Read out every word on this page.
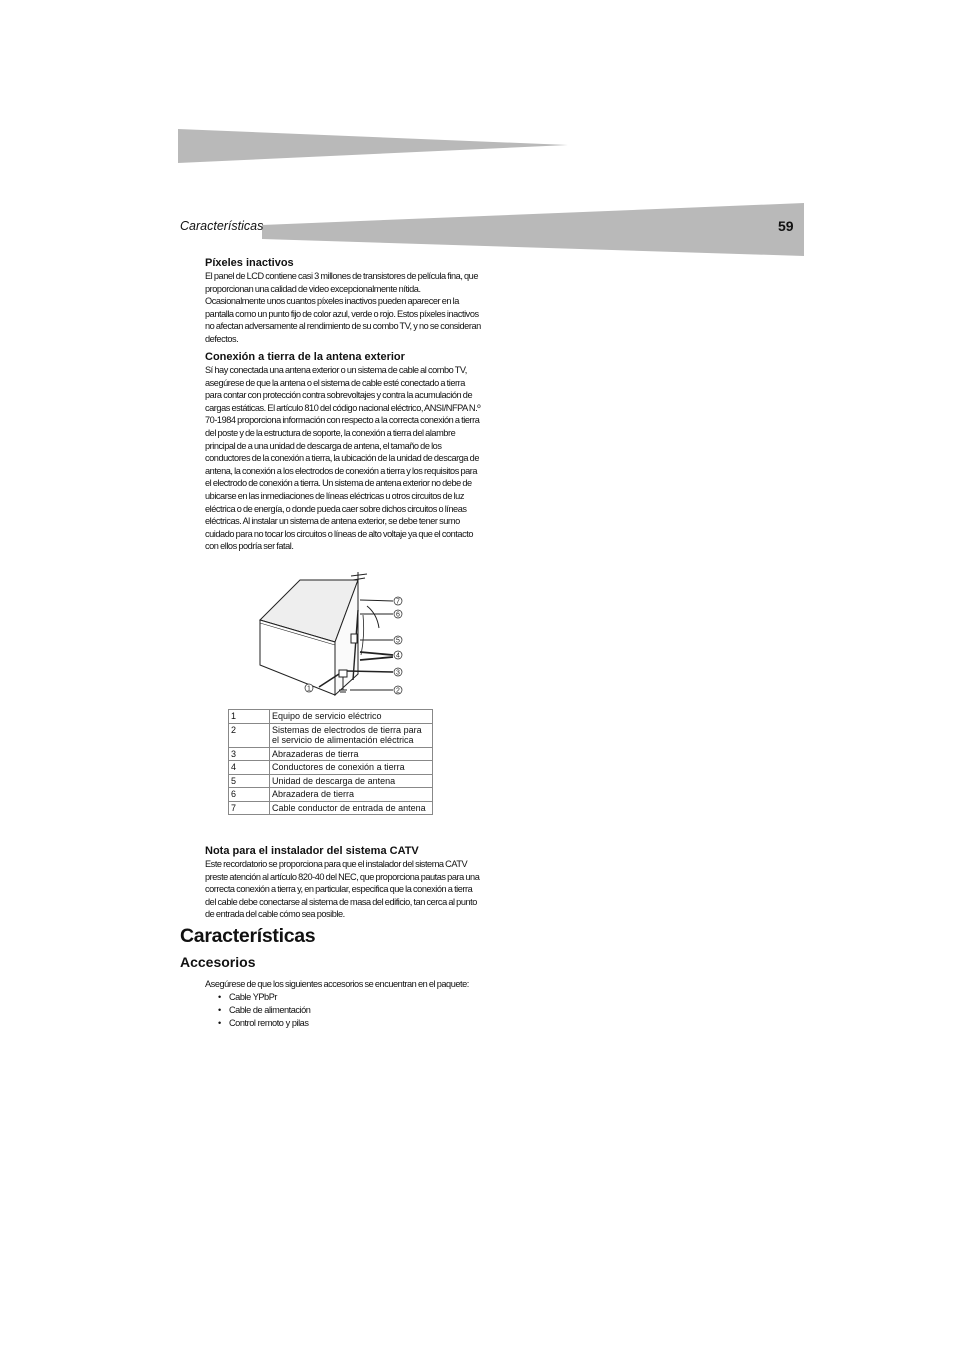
Características	59
Píxeles inactivos

El panel de LCD contiene casi 3 millones de transistores de película fina, que proporcionan una calidad de video excepcionalmente nítida. Ocasionalmente unos cuantos píxeles inactivos pueden aparecer en la pantalla como un punto fijo de color azul, verde o rojo. Estos píxeles inactivos no afectan adversamente al rendimiento de su combo TV, y no se consideran defectos.

Conexión a tierra de la antena exterior

Sí hay conectada una antena exterior o un sistema de cable al combo TV, asegúrese de que la antena o el sistema de cable esté conectado a tierra para contar con protección contra sobrevoltajes y contra la acumulación de cargas estáticas. El artículo 810 del código nacional eléctrico, ANSI/NFPA N.º 70-1984 proporciona información con respecto a la correcta conexión a tierra del poste y de la estructura de soporte, la conexión a tierra del alambre principal de a una unidad de descarga de antena, el tamaño de los conductores de la conexión a tierra, la ubicación de la unidad de descarga de antena, la conexión a los electrodos de conexión a tierra y los requisitos para el electrodo de conexión a tierra. Un sistema de antena exterior no debe de ubicarse en las inmediaciones de líneas eléctricas u otros circuitos de luz eléctrica o de energía, o donde pueda caer sobre dichos circuitos o líneas eléctricas. Al instalar un sistema de antena exterior, se debe tener sumo cuidado para no tocar los circuitos o líneas de alto voltaje ya que el contacto con ellos podría ser fatal.

Nota para el instalador del sistema CATV

Este recordatorio se proporciona para que el instalador del sistema CATV preste atención al artículo 820-40 del NEC, que proporciona pautas para una correcta conexión a tierra y, en particular, especifica que la conexión a tierra del cable debe conectarse al sistema de masa del edificio, tan cerca al punto de entrada del cable cómo sea posible.

7
6
5
4
3
2
1
1	Equipo de servicio eléctrico
2	Sistemas de electrodos de tierra para el servicio de alimentación eléctrica
3	Abrazaderas de tierra
4	Conductores de conexión a tierra
5	Unidad de descarga de antena
6	Abrazadera de tierra
7	Cable conductor de entrada de antena
Características
Accesorios

Asegúrese de que los siguientes accesorios se encuentran en el paquete:

• Cable YPbPr
• Cable de alimentación
• Control remoto y pilas
